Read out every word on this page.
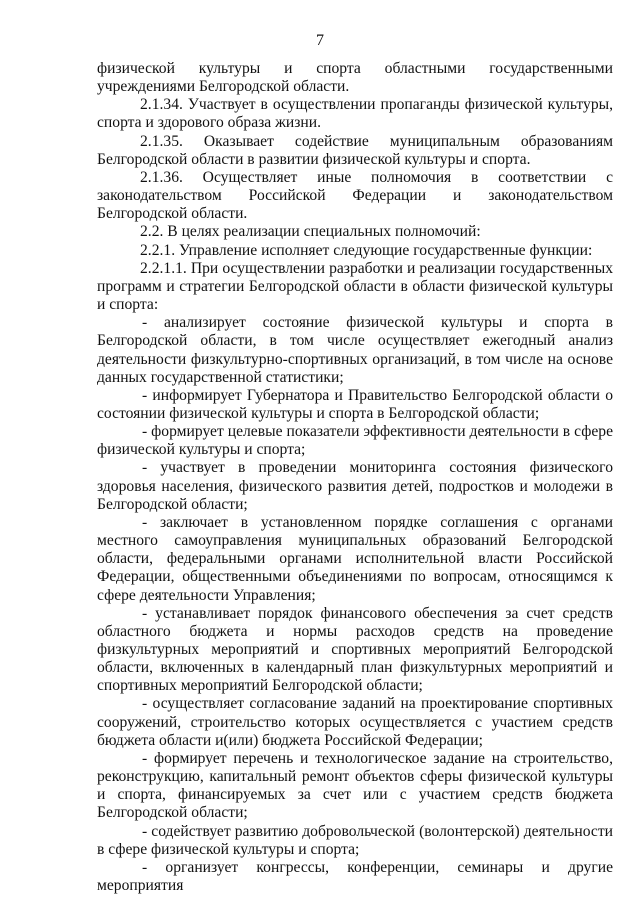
7

физической культуры и спорта областными государственными учреждениями Белгородской области.

2.1.34. Участвует в осуществлении пропаганды физической культуры, спорта и здорового образа жизни.

2.1.35. Оказывает содействие муниципальным образованиям Белгородской области в развитии физической культуры и спорта.

2.1.36. Осуществляет иные полномочия в соответствии с законодательством Российской Федерации и законодательством Белгородской области.

2.2. В целях реализации специальных полномочий:

2.2.1. Управление исполняет следующие государственные функции:

2.2.1.1. При осуществлении разработки и реализации государственных программ и стратегии Белгородской области в области физической культуры и спорта:

- анализирует состояние физической культуры и спорта в Белгородской области, в том числе осуществляет ежегодный анализ деятельности физкультурно-спортивных организаций, в том числе на основе данных государственной статистики;

- информирует Губернатора и Правительство Белгородской области о состоянии физической культуры и спорта в Белгородской области;

- формирует целевые показатели эффективности деятельности в сфере физической культуры и спорта;

- участвует в проведении мониторинга состояния физического здоровья населения, физического развития детей, подростков и молодежи в Белгородской области;

- заключает в установленном порядке соглашения с органами местного самоуправления муниципальных образований Белгородской области, федеральными органами исполнительной власти Российской Федерации, общественными объединениями по вопросам, относящимся к сфере деятельности Управления;

- устанавливает порядок финансового обеспечения за счет средств областного бюджета и нормы расходов средств на проведение физкультурных мероприятий и спортивных мероприятий Белгородской области, включенных в календарный план физкультурных мероприятий и спортивных мероприятий Белгородской области;

- осуществляет согласование заданий на проектирование спортивных сооружений, строительство которых осуществляется с участием средств бюджета области и(или) бюджета Российской Федерации;

- формирует перечень и технологическое задание на строительство, реконструкцию, капитальный ремонт объектов сферы физической культуры и спорта, финансируемых за счет или с участием средств бюджета Белгородской области;

- содействует развитию добровольческой (волонтерской) деятельности в сфере физической культуры и спорта;

- организует конгрессы, конференции, семинары и другие мероприятия
